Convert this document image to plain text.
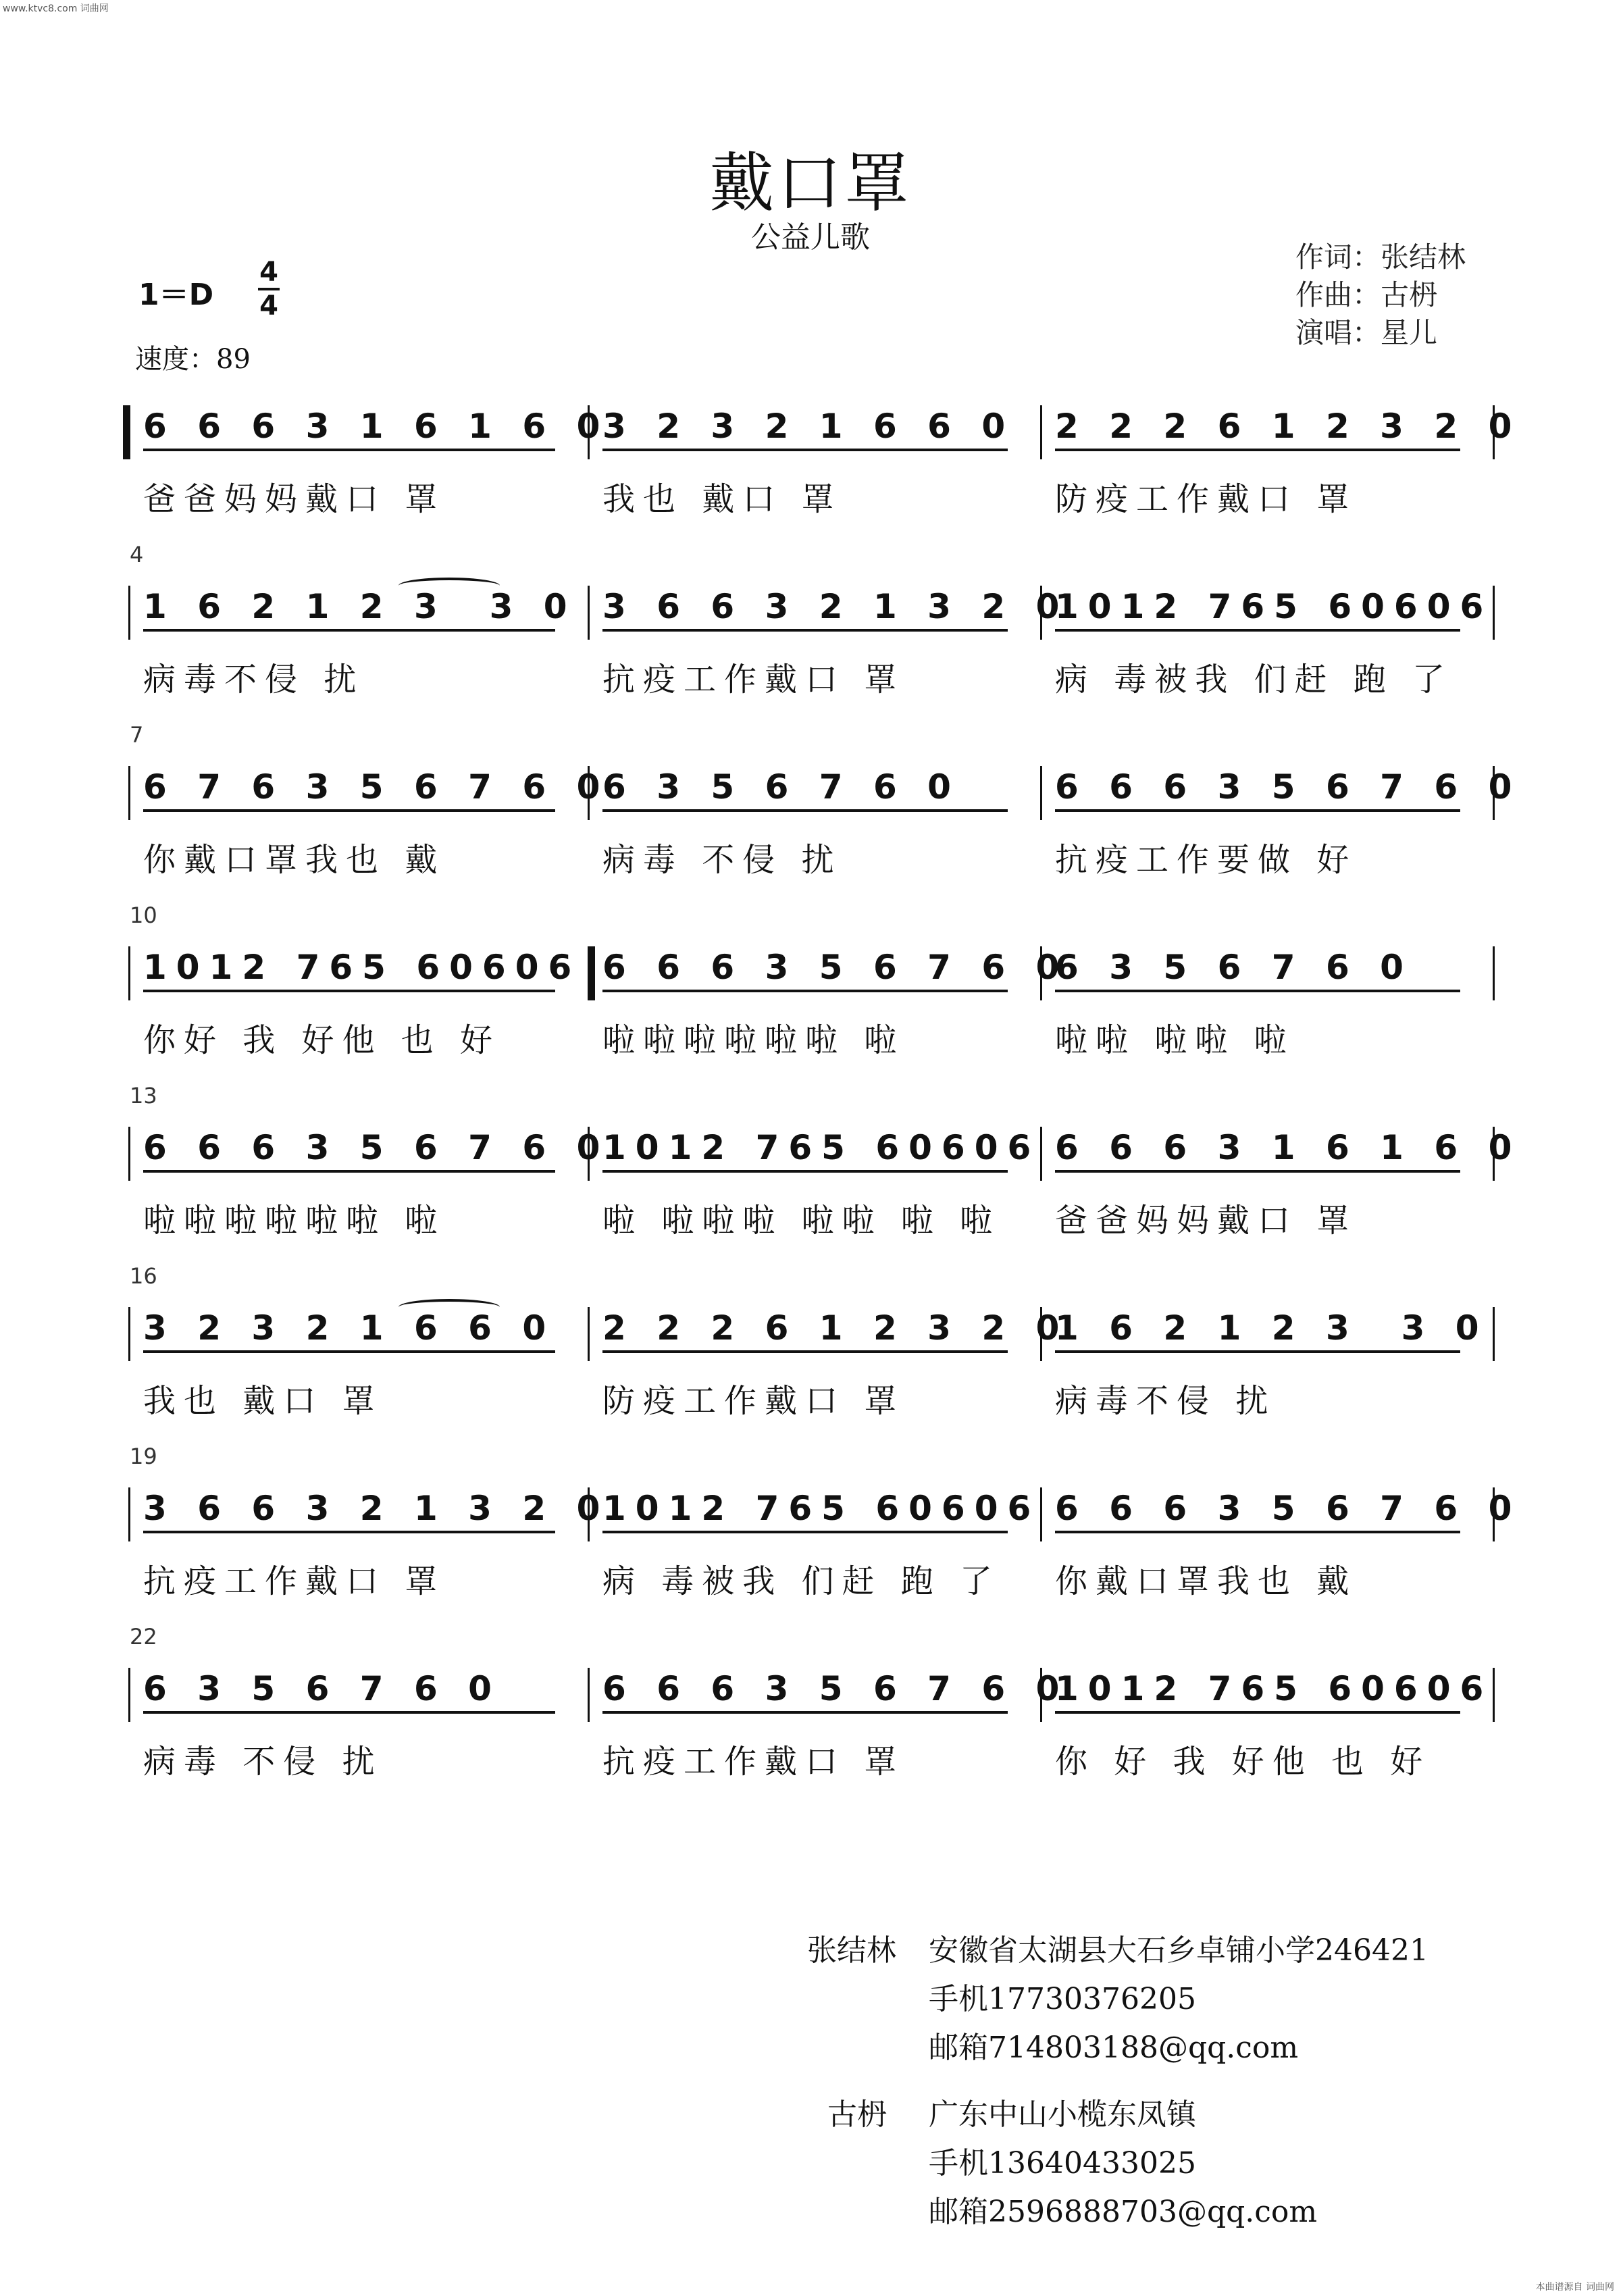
www.ktvc8.com 词曲网
戴口罩
公益儿歌
作词：张结林
作曲：古枬
演唱：星儿
1＝D
4
4
速度：89
6 6 6 3 1 6 1 6 0
爸爸妈妈戴口 罩
3 2 3 2 1 6 6 0
我也 戴口 罩
2 2 2 6 1 2 3 2 0
防疫工作戴口 罩
4
1 6 2 1 2 3  3 0
病毒不侵 扰
3 6 6 3 2 1 3 2 0
抗疫工作戴口 罩
1012 765 60606
病 毒被我 们赶 跑 了
7
6 7 6 3 5 6 7 6 0
你戴口罩我也 戴
6 3 5 6 7 6 0
病毒 不侵 扰
6 6 6 3 5 6 7 6 0
抗疫工作要做 好
10
1012 765 60606
你好 我 好他 也 好
6 6 6 3 5 6 7 6 0
啦啦啦啦啦啦 啦
6 3 5 6 7 6 0
啦啦 啦啦 啦
13
6 6 6 3 5 6 7 6 0
啦啦啦啦啦啦 啦
1012 765 60606
啦 啦啦啦 啦啦 啦 啦
6 6 6 3 1 6 1 6 0
爸爸妈妈戴口 罩
16
3 2 3 2 1 6 6 0
我也 戴口 罩
2 2 2 6 1 2 3 2 0
防疫工作戴口 罩
1 6 2 1 2 3  3 0
病毒不侵 扰
19
3 6 6 3 2 1 3 2 0
抗疫工作戴口 罩
1012 765 60606
病 毒被我 们赶 跑 了
6 6 6 3 5 6 7 6 0
你戴口罩我也 戴
22
6 3 5 6 7 6 0
病毒 不侵 扰
6 6 6 3 5 6 7 6 0
抗疫工作戴口 罩
1012 765 60606
你 好 我 好他 也 好
张结林 安徽省太湖县大石乡卓铺小学246421
手机17730376205
邮箱714803188@qq.com
古枬 广东中山小榄东凤镇
手机13640433025
邮箱2596888703@qq.com
本曲谱源自 词曲网
